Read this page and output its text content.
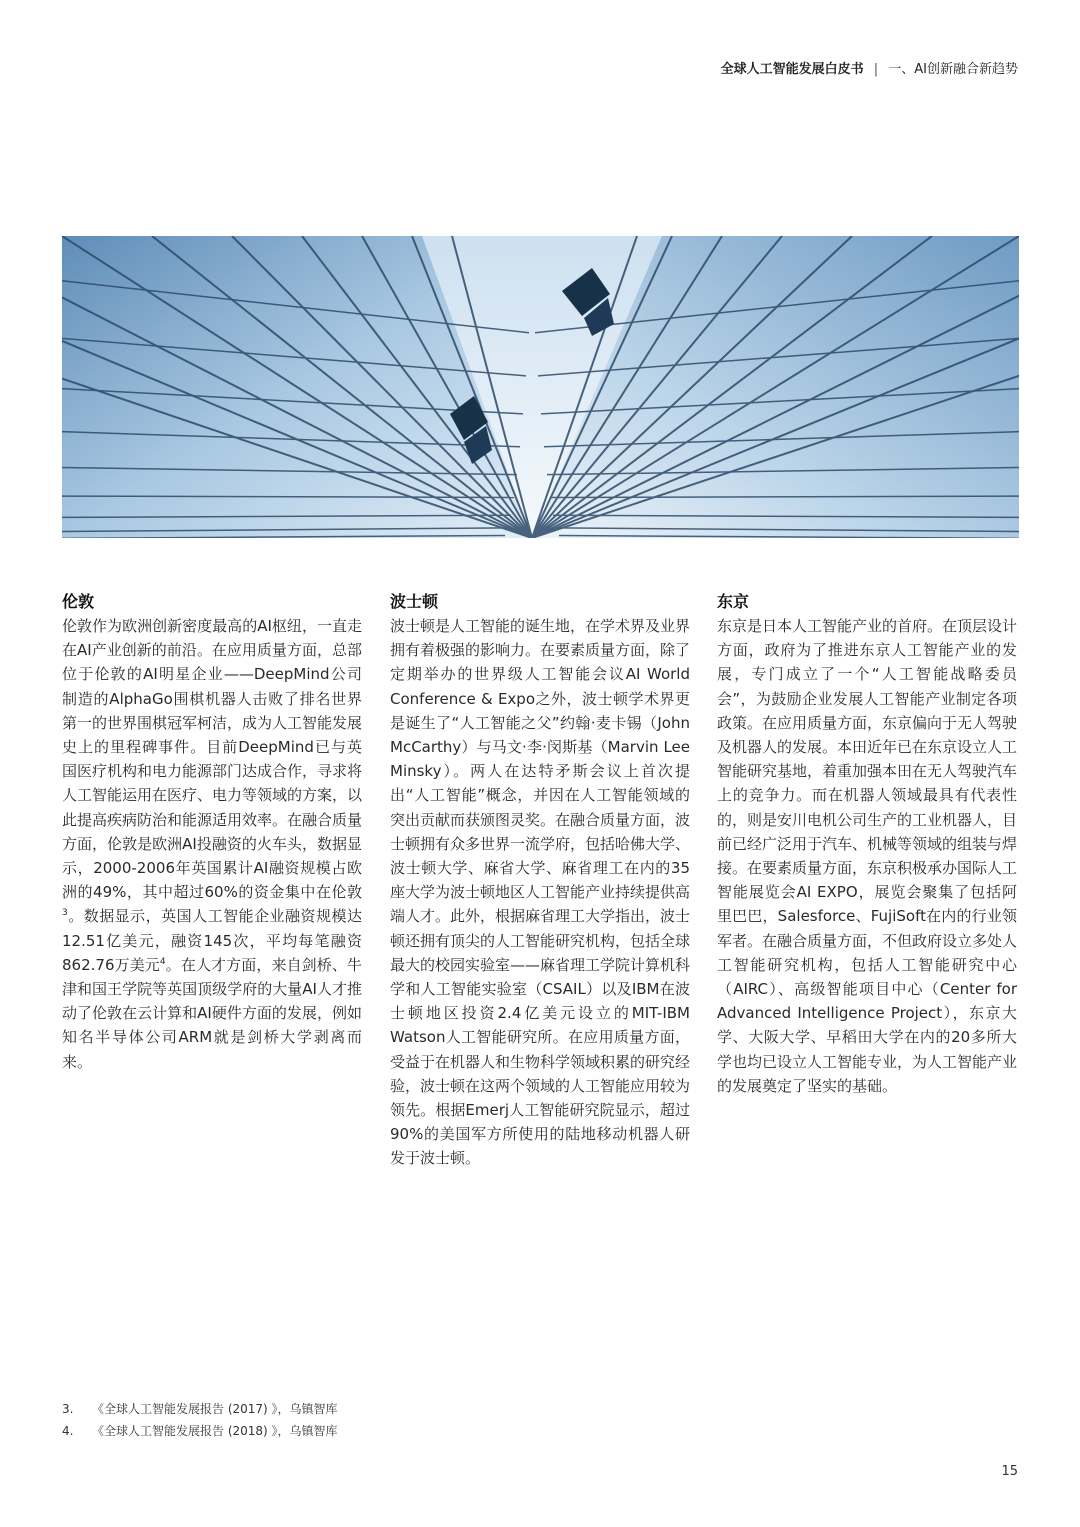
全球人工智能发展白皮书 | 一、AI创新融合新趋势
伦敦

伦敦作为欧洲创新密度最高的AI枢纽，一直走在AI产业创新的前沿。在应用质量方面，总部位于伦敦的AI明星企业——DeepMind公司制造的AlphaGo围棋机器人击败了排名世界第一的世界围棋冠军柯洁，成为人工智能发展史上的里程碑事件。目前DeepMind已与英国医疗机构和电力能源部门达成合作，寻求将人工智能运用在医疗、电力等领域的方案，以此提高疾病防治和能源适用效率。在融合质量方面，伦敦是欧洲AI投融资的火车头，数据显示，2000-2006年英国累计AI融资规模占欧洲的49%，其中超过60%的资金集中在伦敦$^3$。数据显示，英国人工智能企业融资规模达12.51亿美元，融资145次，平均每笔融资862.76万美元$^4$。在人才方面，来自剑桥、牛津和国王学院等英国顶级学府的大量AI人才推动了伦敦在云计算和AI硬件方面的发展，例如知名半导体公司ARM就是剑桥大学剥离而来。

波士顿

波士顿是人工智能的诞生地，在学术界及业界拥有着极强的影响力。在要素质量方面，除了定期举办的世界级人工智能会议AI World Conference & Expo之外，波士顿学术界更是诞生了“人工智能之父”约翰·麦卡锡（John McCarthy）与马文·李·闵斯基（Marvin Lee Minsky）。两人在达特矛斯会议上首次提出“人工智能”概念，并因在人工智能领域的突出贡献而获颁图灵奖。在融合质量方面，波士顿拥有众多世界一流学府，包括哈佛大学、波士顿大学、麻省大学、麻省理工在内的35座大学为波士顿地区人工智能产业持续提供高端人才。此外，根据麻省理工大学指出，波士顿还拥有顶尖的人工智能研究机构，包括全球最大的校园实验室——麻省理工学院计算机科学和人工智能实验室（CSAIL）以及IBM在波士顿地区投资2.4亿美元设立的MIT-IBM Watson人工智能研究所。在应用质量方面，受益于在机器人和生物科学领域积累的研究经验，波士顿在这两个领域的人工智能应用较为领先。根据Emerj人工智能研究院显示，超过90%的美国军方所使用的陆地移动机器人研发于波士顿。

东京

东京是日本人工智能产业的首府。在顶层设计方面，政府为了推进东京人工智能产业的发展，专门成立了一个“人工智能战略委员会”，为鼓励企业发展人工智能产业制定各项政策。在应用质量方面，东京偏向于无人驾驶及机器人的发展。本田近年已在东京设立人工智能研究基地，着重加强本田在无人驾驶汽车上的竞争力。而在机器人领域最具有代表性的，则是安川电机公司生产的工业机器人，目前已经广泛用于汽车、机械等领域的组装与焊接。在要素质量方面，东京积极承办国际人工智能展览会AI EXPO，展览会聚集了包括阿里巴巴，Salesforce、FujiSoft在内的行业领军者。在融合质量方面，不但政府设立多处人工智能研究机构，包括人工智能研究中心（AIRC）、高级智能项目中心（Center for Advanced Intelligence Project），东京大学、大阪大学、早稻田大学在内的20多所大学也均已设立人工智能专业，为人工智能产业的发展奠定了坚实的基础。

3. 《全球人工智能发展报告 (2017) 》，乌镇智库
4. 《全球人工智能发展报告 (2018) 》，乌镇智库
15
